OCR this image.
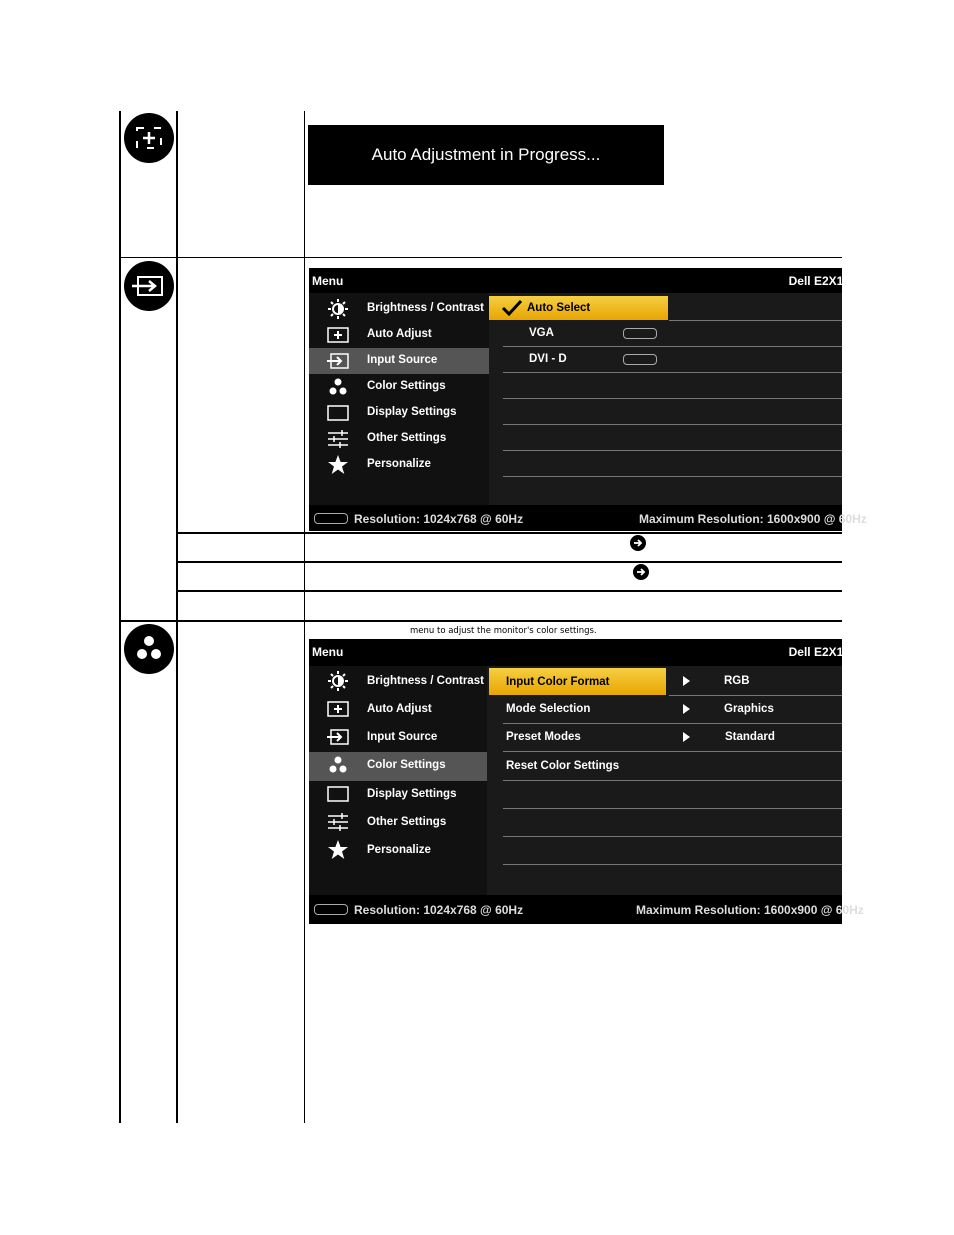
Auto Adjustment in Progress...
Menu	Dell E2X10
Brightness / Contrast
Auto Adjust
Input Source
Color Settings
Display Settings
Other Settings
Personalize
Auto Select
VGA
DVI - D
Resolution: 1024x768 @ 60Hz	Maximum Resolution: 1600x900 @ 60Hz
menu to adjust the monitor's color settings.
Menu	Dell E2X10
Brightness / Contrast
Auto Adjust
Input Source
Color Settings
Display Settings
Other Settings
Personalize
Input Color Format	RGB
Mode Selection	Graphics
Preset Modes	Standard
Reset Color Settings
Resolution: 1024x768 @ 60Hz	Maximum Resolution: 1600x900 @ 60Hz
